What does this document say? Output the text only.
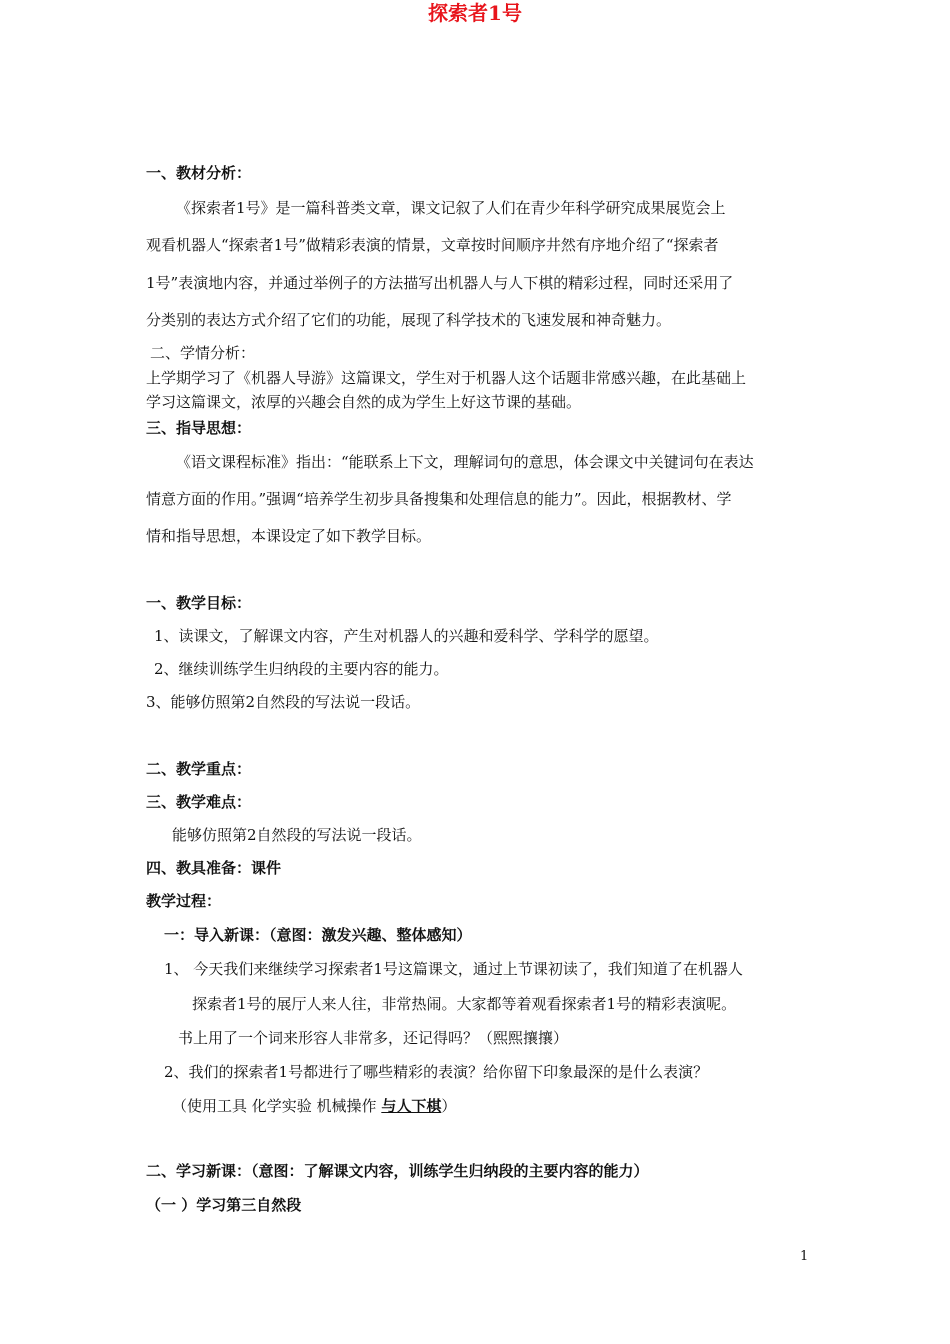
探索者1号
一、教材分析：
《探索者1号》是一篇科普类文章，课文记叙了人们在青少年科学研究成果展览会上
观看机器人“探索者1号”做精彩表演的情景，文章按时间顺序井然有序地介绍了“探索者
1号”表演地内容，并通过举例子的方法描写出机器人与人下棋的精彩过程，同时还采用了
分类别的表达方式介绍了它们的功能，展现了科学技术的飞速发展和神奇魅力。
二、学情分析：
上学期学习了《机器人导游》这篇课文，学生对于机器人这个话题非常感兴趣，在此基础上
学习这篇课文，浓厚的兴趣会自然的成为学生上好这节课的基础。
三、指导思想：
《语文课程标准》指出：“能联系上下文，理解词句的意思，体会课文中关键词句在表达
情意方面的作用。”强调“培养学生初步具备搜集和处理信息的能力”。因此，根据教材、学
情和指导思想，本课设定了如下教学目标。
一、教学目标：
1、读课文，了解课文内容，产生对机器人的兴趣和爱科学、学科学的愿望。
2、继续训练学生归纳段的主要内容的能力。
3、能够仿照第2自然段的写法说一段话。
二、教学重点：
三、教学难点：
能够仿照第2自然段的写法说一段话。
四、教具准备：课件
教学过程：
一：导入新课：（意图：激发兴趣、整体感知）
1、 今天我们来继续学习探索者1号这篇课文，通过上节课初读了，我们知道了在机器人
探索者1号的展厅人来人往，非常热闹。大家都等着观看探索者1号的精彩表演呢。
书上用了一个词来形容人非常多，还记得吗？（熙熙攘攘）
2、我们的探索者1号都进行了哪些精彩的表演？给你留下印象最深的是什么表演？
（使用工具 化学实验 机械操作 与人下棋）
二、学习新课：（意图：了解课文内容，训练学生归纳段的主要内容的能力）
（一 ）学习第三自然段
1
